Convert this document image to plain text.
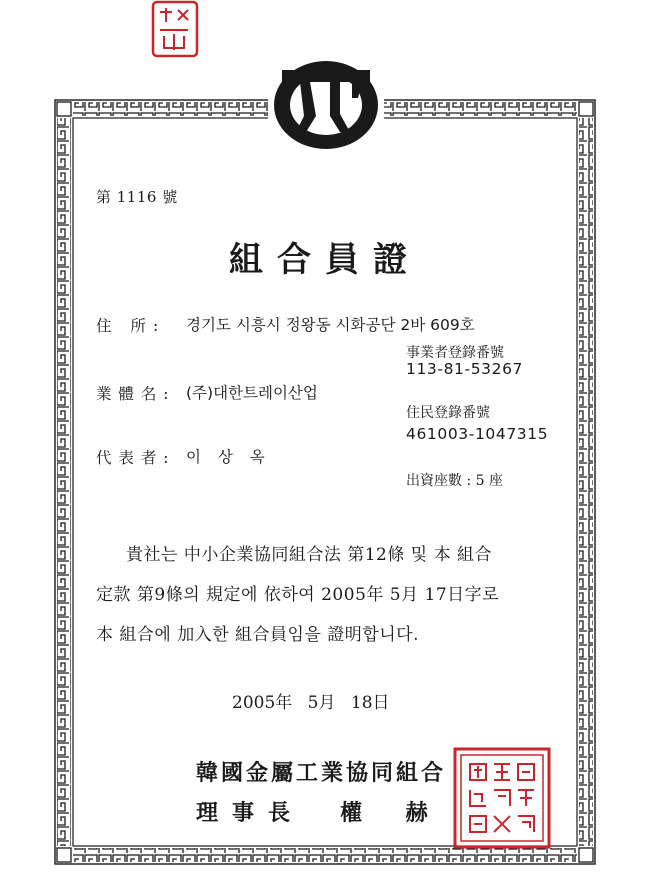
第 1116 號
組合員證
住 所 : 경기도 시흥시 정왕동 시화공단 2바 609호
事業者登錄番號
113-81-53267
業 體 名 : (주)대한트레이산업
住民登錄番號
461003-1047315
代 表 者 : 이 상 옥
出資座數 : 5 座
貴社는 中小企業協同組合法 第12條 및 本 組合
定款 第9條의 規定에 依하여 2005年 5月 17日字로
本 組合에 加入한 組合員임을 證明합니다.
2005年 5月 18日
韓國金屬工業協同組合
理事長 權 赫
